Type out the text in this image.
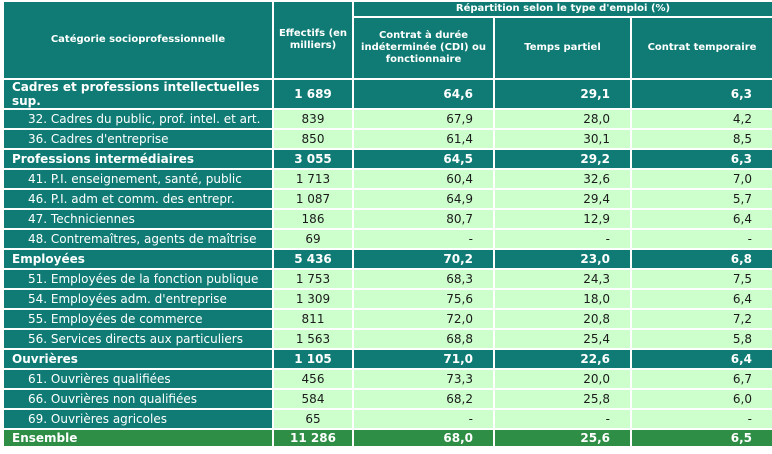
Catégorie socioprofessionnelle	Effectifs (en milliers)	Répartition selon le type d'emploi (%)		
		Contrat à durée indéterminée (CDI) ou fonctionnaire	Temps partiel	Contrat temporaire
Cadres et professions intellectuelles sup.	1 689	64,6	29,1	6,3
32. Cadres du public, prof. intel. et art.	839	67,9	28,0	4,2
36. Cadres d'entreprise	850	61,4	30,1	8,5
Professions intermédiaires	3 055	64,5	29,2	6,3
41. P.I. enseignement, santé, public	1 713	60,4	32,6	7,0
46. P.I. adm et comm. des entrepr.	1 087	64,9	29,4	5,7
47. Techniciennes	186	80,7	12,9	6,4
48. Contremaîtres, agents de maîtrise	69	-	-	-
Employées	5 436	70,2	23,0	6,8
51. Employées de la fonction publique	1 753	68,3	24,3	7,5
54. Employées adm. d'entreprise	1 309	75,6	18,0	6,4
55. Employées de commerce	811	72,0	20,8	7,2
56. Services directs aux particuliers	1 563	68,8	25,4	5,8
Ouvrières	1 105	71,0	22,6	6,4
61. Ouvrières qualifiées	456	73,3	20,0	6,7
66. Ouvrières non qualifiées	584	68,2	25,8	6,0
69. Ouvrières agricoles	65	-	-	-
Ensemble	11 286	68,0	25,6	6,5
